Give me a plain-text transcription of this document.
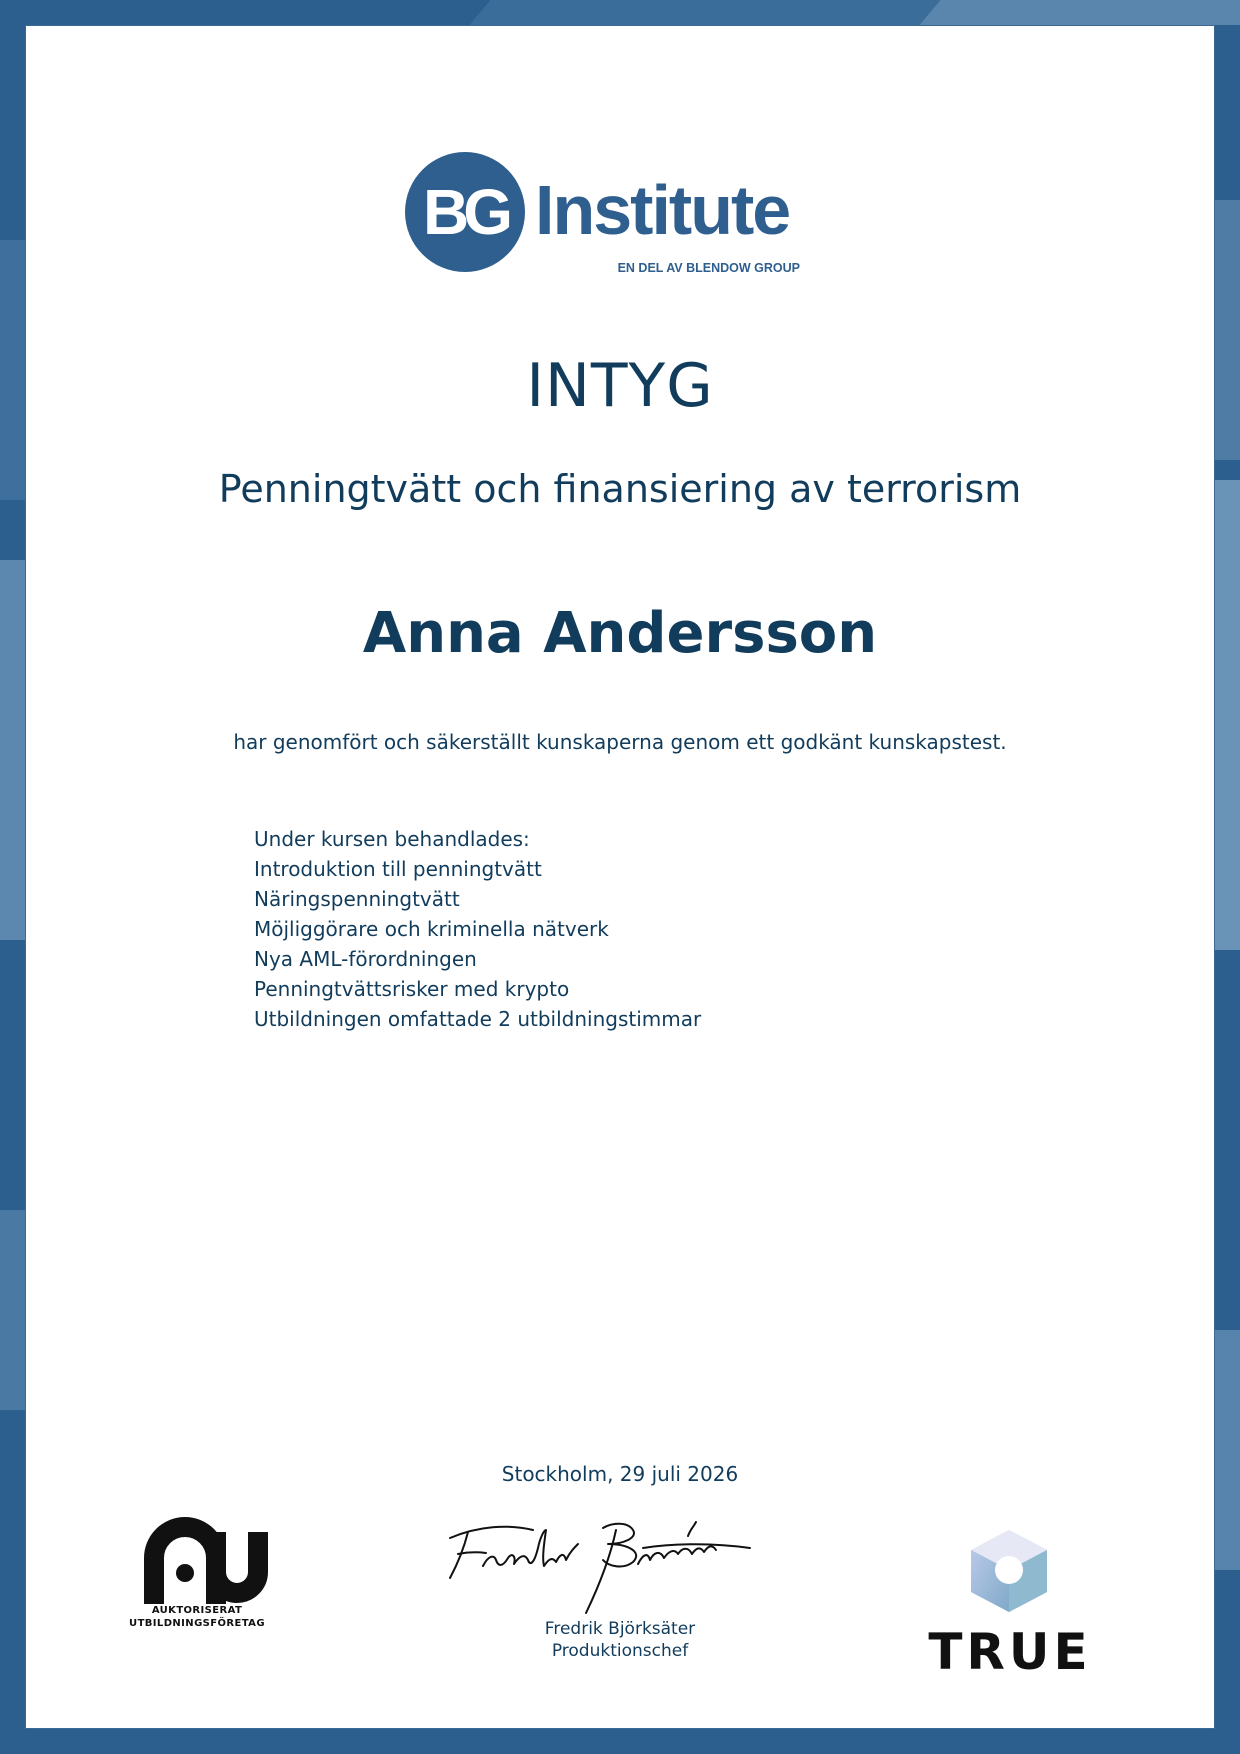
BG Institute
EN DEL AV BLENDOW GROUP
INTYG
Penningtvätt och finansiering av terrorism
Anna Andersson

har genomfört och säkerställt kunskaperna genom ett godkänt kunskapstest.

Under kursen behandlades:
Introduktion till penningtvätt
Näringspenningtvätt
Möjliggörare och kriminella nätverk
Nya AML-förordningen
Penningtvättsrisker med krypto
Utbildningen omfattade 2 utbildningstimmar
Stockholm, 29 juli 2026
Fredrik Björksäter
Produktionschef
AUKTORISERAT
UTBILDNINGSFÖRETAG	TRUE
